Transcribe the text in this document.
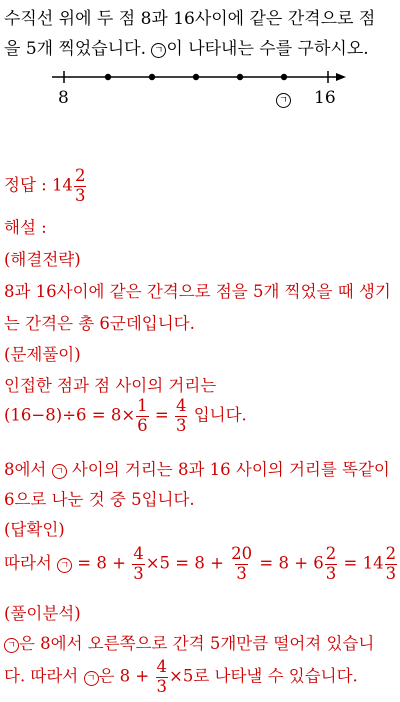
수직선 위에 두 점 8과 16사이에 같은 간격으로 점
을 5개 찍었습니다. ㄱ 이 나타내는 수를 구하시오.
8	ㄱ 16
정답 : $14 \frac{2}{3}$
해설 :
(해결전략)
8과 16사이에 같은 간격으로 점을 5개 찍었을 때 생기
는 간격은 총 6군데입니다.
(문제풀이)
인접한 점과 점 사이의 거리는
$(16-8)\div 6 = 8\times \frac{1}{6} = \frac{4}{3}$ 입니다.
8에서 ㄱ 사이의 거리는 8과 16 사이의 거리를 똑같이
6으로 나눈 것 중 5입니다.
(답확인)
따라서 ㄱ = $8 + \frac{4}{3} \times 5 = 8 + \frac{20}{3} = 8 + 6 \frac{2}{3} = 14 \frac{2}{3}$
(풀이분석)
ㄱ 은 8에서 오른쪽으로 간격 5개만큼 떨어져 있습니
다. 따라서 ㄱ 은 $8 + \frac{4}{3} \times 5$로 나타낼 수 있습니다.
